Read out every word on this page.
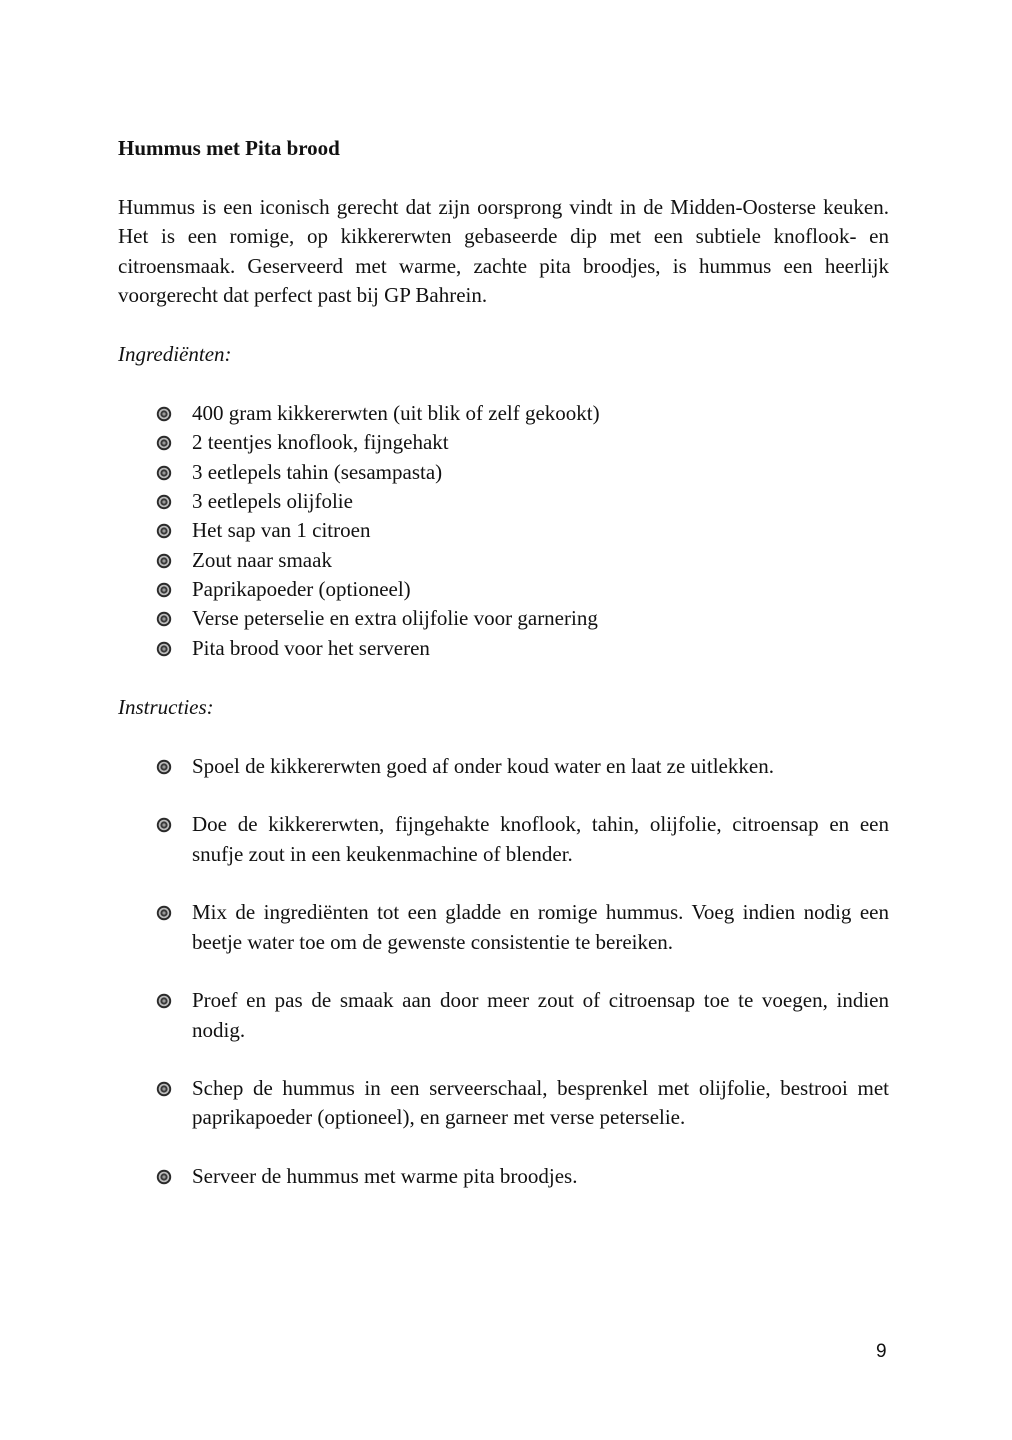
Hummus met Pita brood

Hummus is een iconisch gerecht dat zijn oorsprong vindt in de Midden-Oosterse keuken. Het is een romige, op kikkererwten gebaseerde dip met een subtiele knoflook- en citroensmaak. Geserveerd met warme, zachte pita broodjes, is hummus een heerlijk voorgerecht dat perfect past bij GP Bahrein.

Ingrediënten:

400 gram kikkererwten (uit blik of zelf gekookt)
2 teentjes knoflook, fijngehakt
3 eetlepels tahin (sesampasta)
3 eetlepels olijfolie
Het sap van 1 citroen
Zout naar smaak
Paprikapoeder (optioneel)
Verse peterselie en extra olijfolie voor garnering
Pita brood voor het serveren

Instructies:

Spoel de kikkererwten goed af onder koud water en laat ze uitlekken.
Doe de kikkererwten, fijngehakte knoflook, tahin, olijfolie, citroensap en een snufje zout in een keukenmachine of blender.
Mix de ingrediënten tot een gladde en romige hummus. Voeg indien nodig een beetje water toe om de gewenste consistentie te bereiken.
Proef en pas de smaak aan door meer zout of citroensap toe te voegen, indien nodig.
Schep de hummus in een serveerschaal, besprenkel met olijfolie, bestrooi met paprikapoeder (optioneel), en garneer met verse peterselie.
Serveer de hummus met warme pita broodjes.
9
